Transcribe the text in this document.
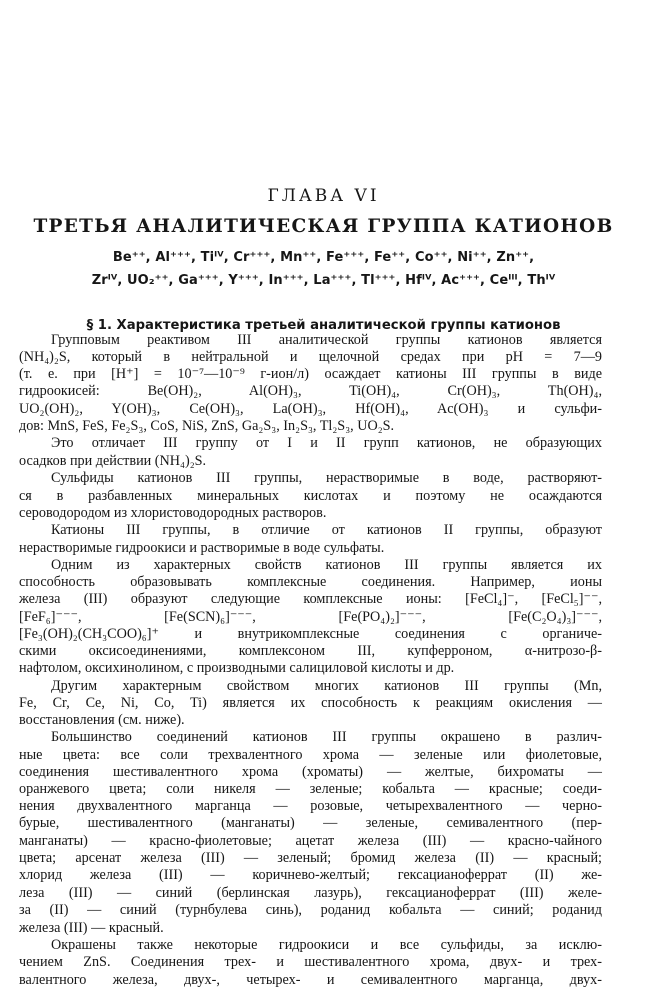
ГЛАВА VI
ТРЕТЬЯ АНАЛИТИЧЕСКАЯ ГРУППА КАТИОНОВ
Be⁺⁺, Al⁺⁺⁺, Tiᴵⱽ, Cr⁺⁺⁺, Mn⁺⁺, Fe⁺⁺⁺, Fe⁺⁺, Co⁺⁺, Ni⁺⁺, Zn⁺⁺,
Zrᴵⱽ, UO₂⁺⁺, Ga⁺⁺⁺, Y⁺⁺⁺, In⁺⁺⁺, La⁺⁺⁺, Tl⁺⁺⁺, Hfᴵⱽ, Ac⁺⁺⁺, Ceᴵᴵᴵ, Thᴵⱽ
§ 1. Характеристика третьей аналитической группы катионов
Групповым реактивом III аналитической группы катионов является
(NH₄)₂S, который в нейтральной и щелочной средах при pH = 7—9
(т. е. при [H⁺] = 10⁻⁷—10⁻⁹ г-ион/л) осаждает катионы III группы в виде
гидроокисей: Be(OH)₂, Al(OH)₃, Ti(OH)₄, Cr(OH)₃, Th(OH)₄,
UO₂(OH)₂, Y(OH)₃, Ce(OH)₃, La(OH)₃, Hf(OH)₄, Ac(OH)₃ и сульфи-
дов: MnS, FeS, Fe₂S₃, CoS, NiS, ZnS, Ga₂S₃, In₂S₃, Tl₂S₃, UO₂S.
Это отличает III группу от I и II групп катионов, не образующих
осадков при действии (NH₄)₂S.
Сульфиды катионов III группы, нерастворимые в воде, растворяют-
ся в разбавленных минеральных кислотах и поэтому не осаждаются
сероводородом из хлористоводородных растворов.
Катионы III группы, в отличие от катионов II группы, образуют
нерастворимые гидроокиси и растворимые в воде сульфаты.
Одним из характерных свойств катионов III группы является их
способность образовывать комплексные соединения. Например, ионы
железа (III) образуют следующие комплексные ионы: [FeCl₄]⁻, [FeCl₅]⁻⁻,
[FeF₆]⁻⁻⁻, [Fe(SCN)₆]⁻⁻⁻, [Fe(PO₄)₂]⁻⁻⁻, [Fe(C₂O₄)₃]⁻⁻⁻,
[Fe₃(OH)₂(CH₃COO)₆]⁺ и внутрикомплексные соединения с органиче-
скими оксисоединениями, комплексоном III, купферроном, α-нитрозо-β-
нафтолом, оксихинолином, с производными салициловой кислоты и др.
Другим характерным свойством многих катионов III группы (Mn,
Fe, Cr, Ce, Ni, Co, Ti) является их способность к реакциям окисления —
восстановления (см. ниже).
Большинство соединений катионов III группы окрашено в различ-
ные цвета: все соли трехвалентного хрома — зеленые или фиолетовые,
соединения шестивалентного хрома (хроматы) — желтые, бихроматы —
оранжевого цвета; соли никеля — зеленые; кобальта — красные; соеди-
нения двухвалентного марганца — розовые, четырехвалентного — черно-
бурые, шестивалентного (манганаты) — зеленые, семивалентного (пер-
манганаты) — красно-фиолетовые; ацетат железа (III) — красно-чайного
цвета; арсенат железа (III) — зеленый; бромид железа (II) — красный;
хлорид железа (III) — коричнево-желтый; гексацианоферрат (II) же-
леза (III) — синий (берлинская лазурь), гексацианоферрат (III) желе-
за (II) — синий (турнбулева синь), роданид кобальта — синий; роданид
железа (III) — красный.
Окрашены также некоторые гидроокиси и все сульфиды, за исклю-
чением ZnS. Соединения трех- и шестивалентного хрома, двух- и трех-
валентного железа, двух-, четырех- и семивалентного марганца, двух-
